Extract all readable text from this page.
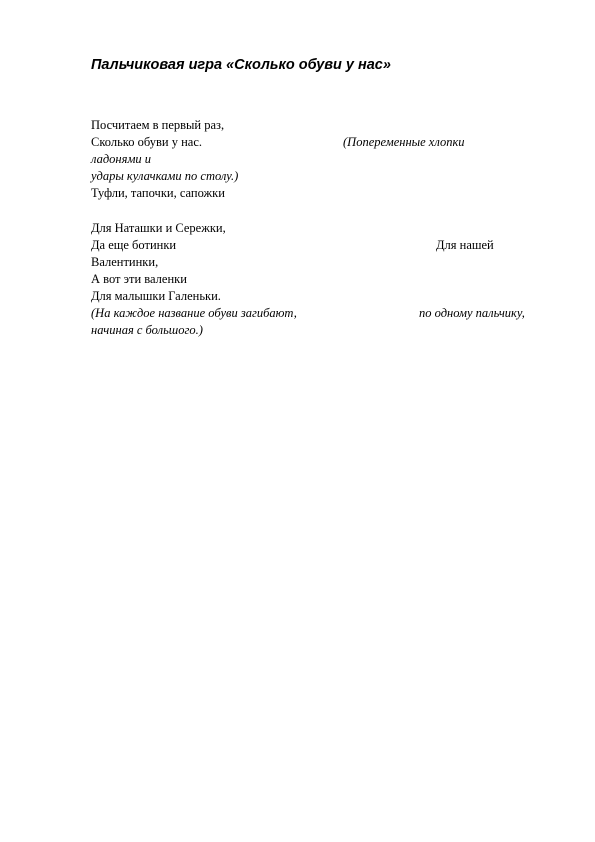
Пальчиковая игра «Сколько обуви у нас»
Посчитаем в первый раз,
Сколько обуви у нас.	(Попеременные хлопки
ладонями и
удары кулачками по столу.)
Туфли, тапочки, сапожки
Для Наташки и Сережки,
Да еще ботинки	Для нашей
Валентинки,
А вот эти валенки
Для малышки Галеньки.
(На каждое название обуви загибают,	по одному пальчику,
начиная с большого.)
